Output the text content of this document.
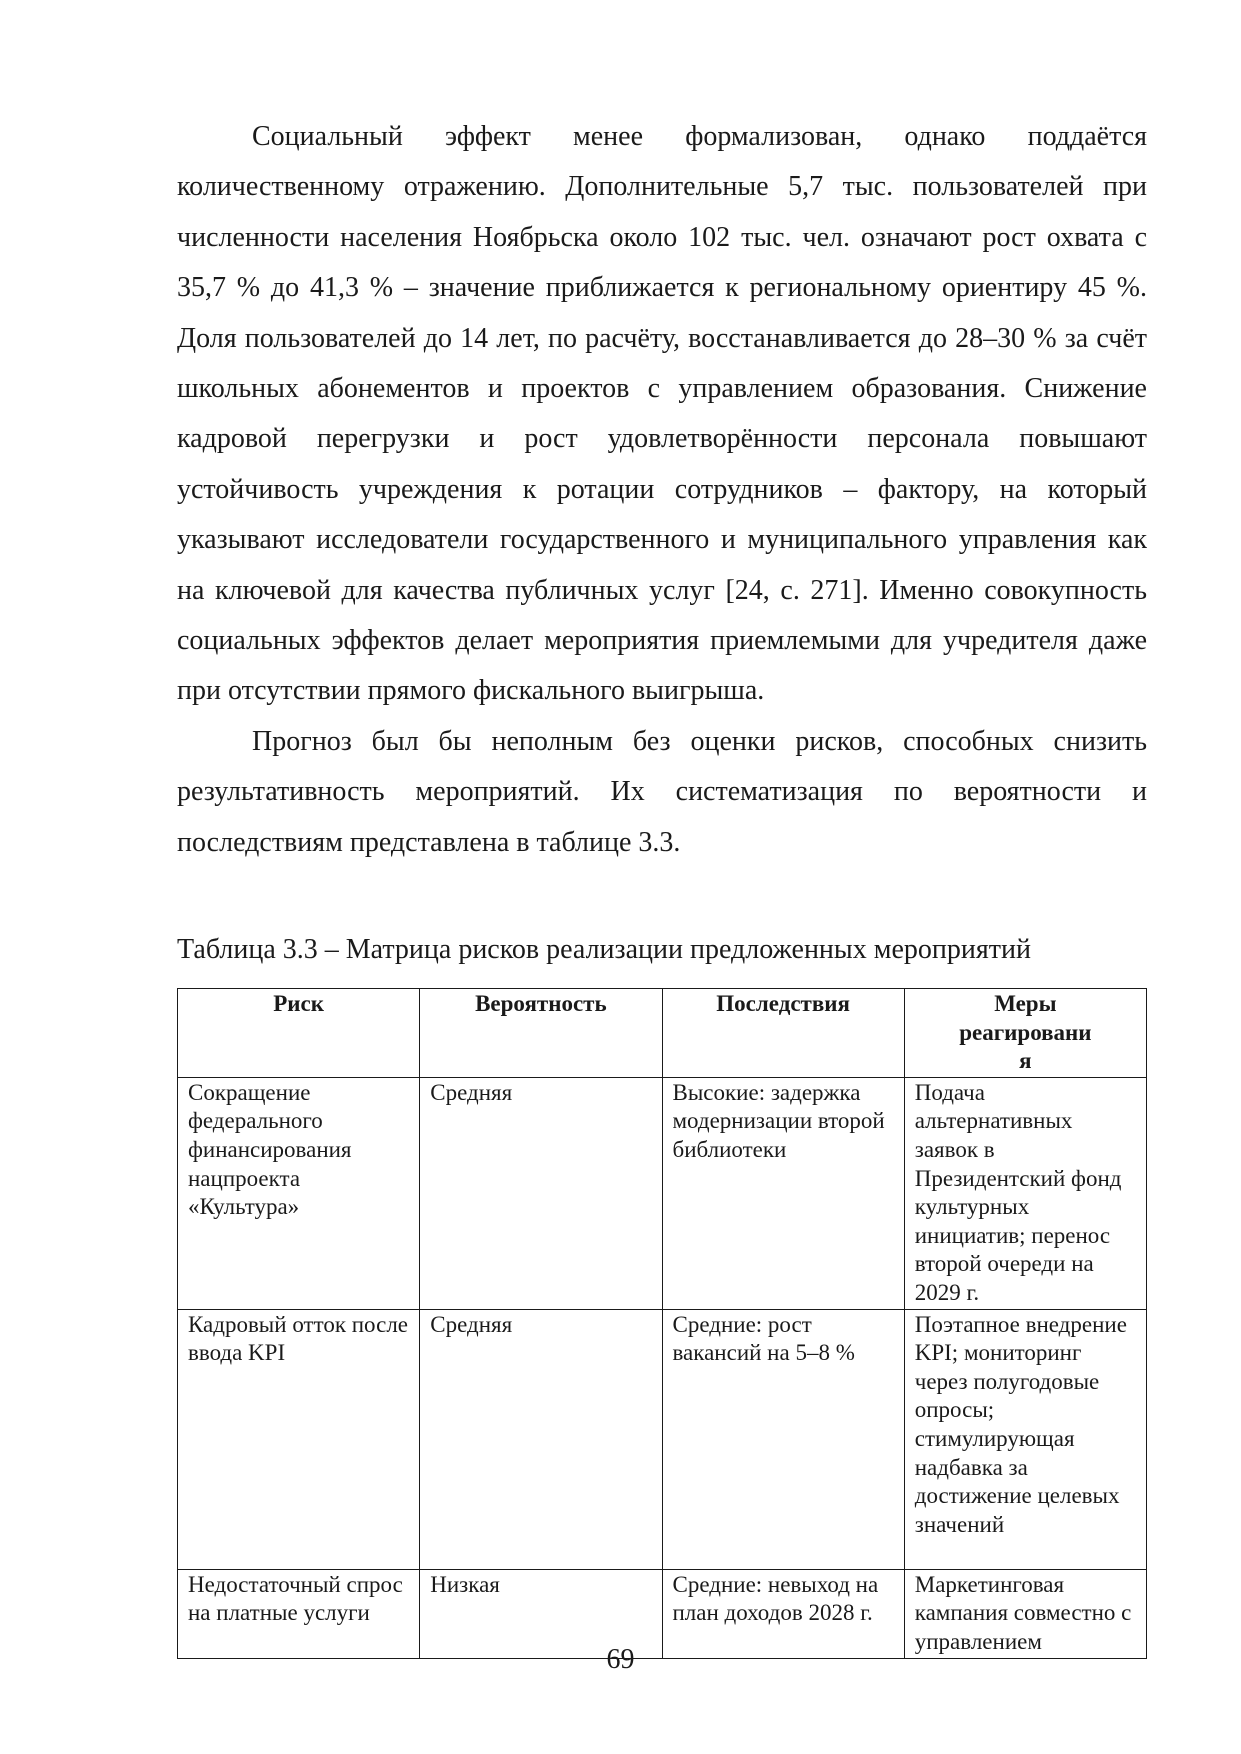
Социальный эффект менее формализован, однако поддаётся количественному отражению. Дополнительные 5,7 тыс. пользователей при численности населения Ноябрьска около 102 тыс. чел. означают рост охвата с 35,7 % до 41,3 % – значение приближается к региональному ориентиру 45 %. Доля пользователей до 14 лет, по расчёту, восстанавливается до 28–30 % за счёт школьных абонементов и проектов с управлением образования. Снижение кадровой перегрузки и рост удовлетворённости персонала повышают устойчивость учреждения к ротации сотрудников – фактору, на который указывают исследователи государственного и муниципального управления как на ключевой для качества публичных услуг [24, с. 271]. Именно совокупность социальных эффектов делает мероприятия приемлемыми для учредителя даже при отсутствии прямого фискального выигрыша.

Прогноз был бы неполным без оценки рисков, способных снизить результативность мероприятий. Их систематизация по вероятности и последствиям представлена в таблице 3.3.

Таблица 3.3 – Матрица рисков реализации предложенных мероприятий

Риск	Вероятность	Последствия	Меры реагирования
Сокращение федерального финансирования нацпроекта «Культура»	Средняя	Высокие: задержка модернизации второй библиотеки	Подача альтернативных заявок в Президентский фонд культурных инициатив; перенос второй очереди на 2029 г.
Кадровый отток после ввода KPI	Средняя	Средние: рост вакансий на 5–8 %	Поэтапное внедрение KPI; мониторинг через полугодовые опросы; стимулирующая надбавка за достижение целевых значений
Недостаточный спрос на платные услуги	Низкая	Средние: невыход на план доходов 2028 г.	Маркетинговая кампания совместно с управлением
69
